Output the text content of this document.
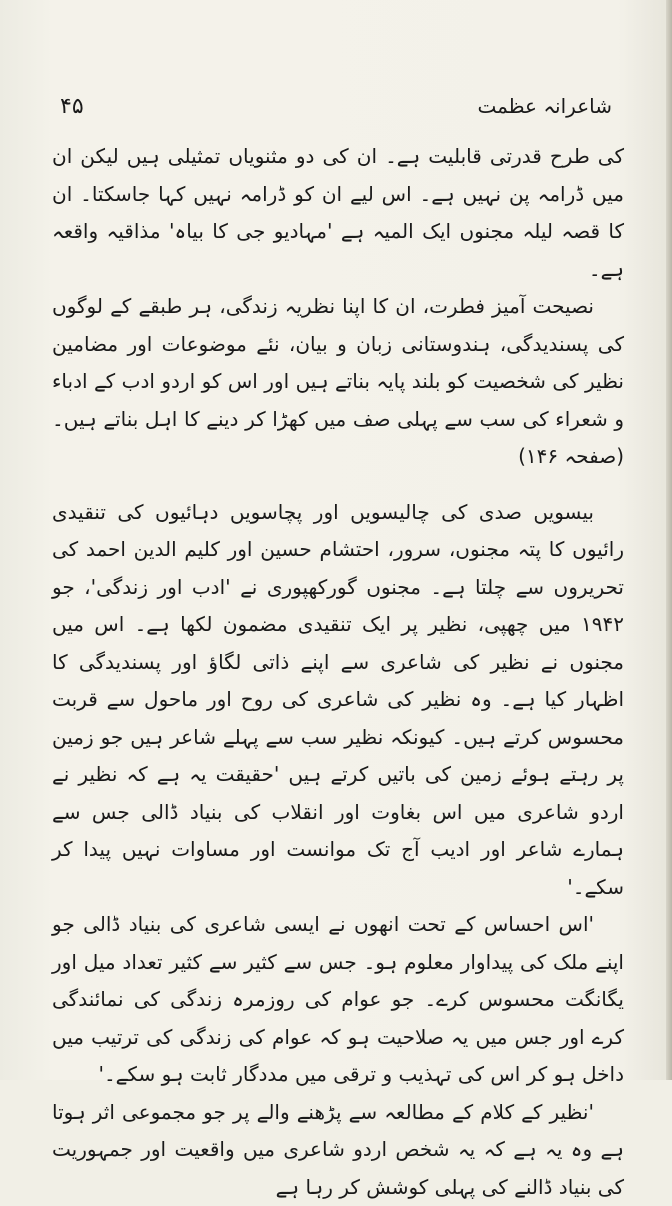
۴۵	شاعرانہ عظمت

کی طرح قدرتی قابلیت ہے۔ ان کی دو مثنویاں تمثیلی ہیں لیکن ان میں ڈرامہ پن نہیں ہے۔ اس لیے ان کو ڈرامہ نہیں کہا جاسکتا۔ ان کا قصہ لیلہ مجنوں ایک المیہ ہے 'مہادیو جی کا بیاہ' مذاقیہ واقعہ ہے۔

نصیحت آمیز فطرت، ان کا اپنا نظریہ زندگی، ہر طبقے کے لوگوں کی پسندیدگی، ہندوستانی زبان و بیان، نئے موضوعات اور مضامین نظیر کی شخصیت کو بلند پایہ بناتے ہیں اور اس کو اردو ادب کے ادباء و شعراء کی سب سے پہلی صف میں کھڑا کر دینے کا اہل بناتے ہیں۔ (صفحہ ۱۴۶)

بیسویں صدی کی چالیسویں اور پچاسویں دہائیوں کی تنقیدی رائیوں کا پتہ مجنوں، سرور، احتشام حسین اور کلیم الدین احمد کی تحریروں سے چلتا ہے۔ مجنوں گورکھپوری نے 'ادب اور زندگی'، جو ۱۹۴۲ میں چھپی، نظیر پر ایک تنقیدی مضمون لکھا ہے۔ اس میں مجنوں نے نظیر کی شاعری سے اپنے ذاتی لگاؤ اور پسندیدگی کا اظہار کیا ہے۔ وہ نظیر کی شاعری کی روح اور ماحول سے قربت محسوس کرتے ہیں۔ کیونکہ نظیر سب سے پہلے شاعر ہیں جو زمین پر رہتے ہوئے زمین کی باتیں کرتے ہیں 'حقیقت یہ ہے کہ نظیر نے اردو شاعری میں اس بغاوت اور انقلاب کی بنیاد ڈالی جس سے ہمارے شاعر اور ادیب آج تک موانست اور مساوات نہیں پیدا کر سکے۔'

'اس احساس کے تحت انھوں نے ایسی شاعری کی بنیاد ڈالی جو اپنے ملک کی پیداوار معلوم ہو۔ جس سے کثیر سے کثیر تعداد میل اور یگانگت محسوس کرے۔ جو عوام کی روزمرہ زندگی کی نمائندگی کرے اور جس میں یہ صلاحیت ہو کہ عوام کی زندگی کی ترتیب میں داخل ہو کر اس کی تہذیب و ترقی میں مددگار ثابت ہو سکے۔'

'نظیر کے کلام کے مطالعہ سے پڑھنے والے پر جو مجموعی اثر ہوتا ہے وہ یہ ہے کہ یہ شخص اردو شاعری میں واقعیت اور جمہوریت کی بنیاد ڈالنے کی پہلی کوشش کر رہا ہے
